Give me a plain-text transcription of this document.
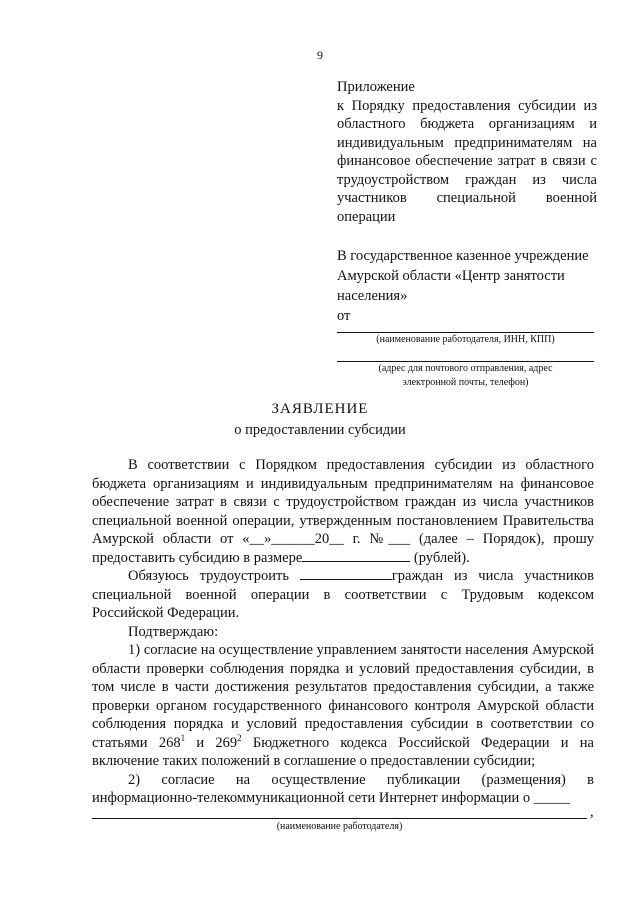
9
Приложение
к Порядку предоставления субсидии из областного бюджета организациям и индивидуальным предпринимателям на финансовое обеспечение затрат в связи с трудоустройством граждан из числа участников специальной военной операции
В государственное казенное учреждение Амурской области «Центр занятости населения»
от
(наименование работодателя, ИНН, КПП)
(адрес для почтового отправления, адрес электронной почты, телефон)
ЗАЯВЛЕНИЕ
о предоставлении субсидии

В соответствии с Порядком предоставления субсидии из областного бюджета организациям и индивидуальным предпринимателям на финансовое обеспечение затрат в связи с трудоустройством граждан из числа участников специальной военной операции, утвержденным постановлением Правительства Амурской области от «__»______20__ г. №___ (далее – Порядок), прошу предоставить субсидию в размере	(рублей).

Обязуюсь трудоустроить	граждан из числа участников специальной военной операции в соответствии с Трудовым кодексом Российской Федерации.

Подтверждаю:

1) согласие на осуществление управлением занятости населения Амурской области проверки соблюдения порядка и условий предоставления субсидии, в том числе в части достижения результатов предоставления субсидии, а также проверки органом государственного финансового контроля Амурской области соблюдения порядка и условий предоставления субсидии в соответствии со статьями $268^1$ и $269^2$ Бюджетного кодекса Российской Федерации и на включение таких положений в соглашение о предоставлении субсидии;

2) согласие на осуществление публикации (размещения) в информационно-телекоммуникационной сети Интернет информации о _____

,
(наименование работодателя)
